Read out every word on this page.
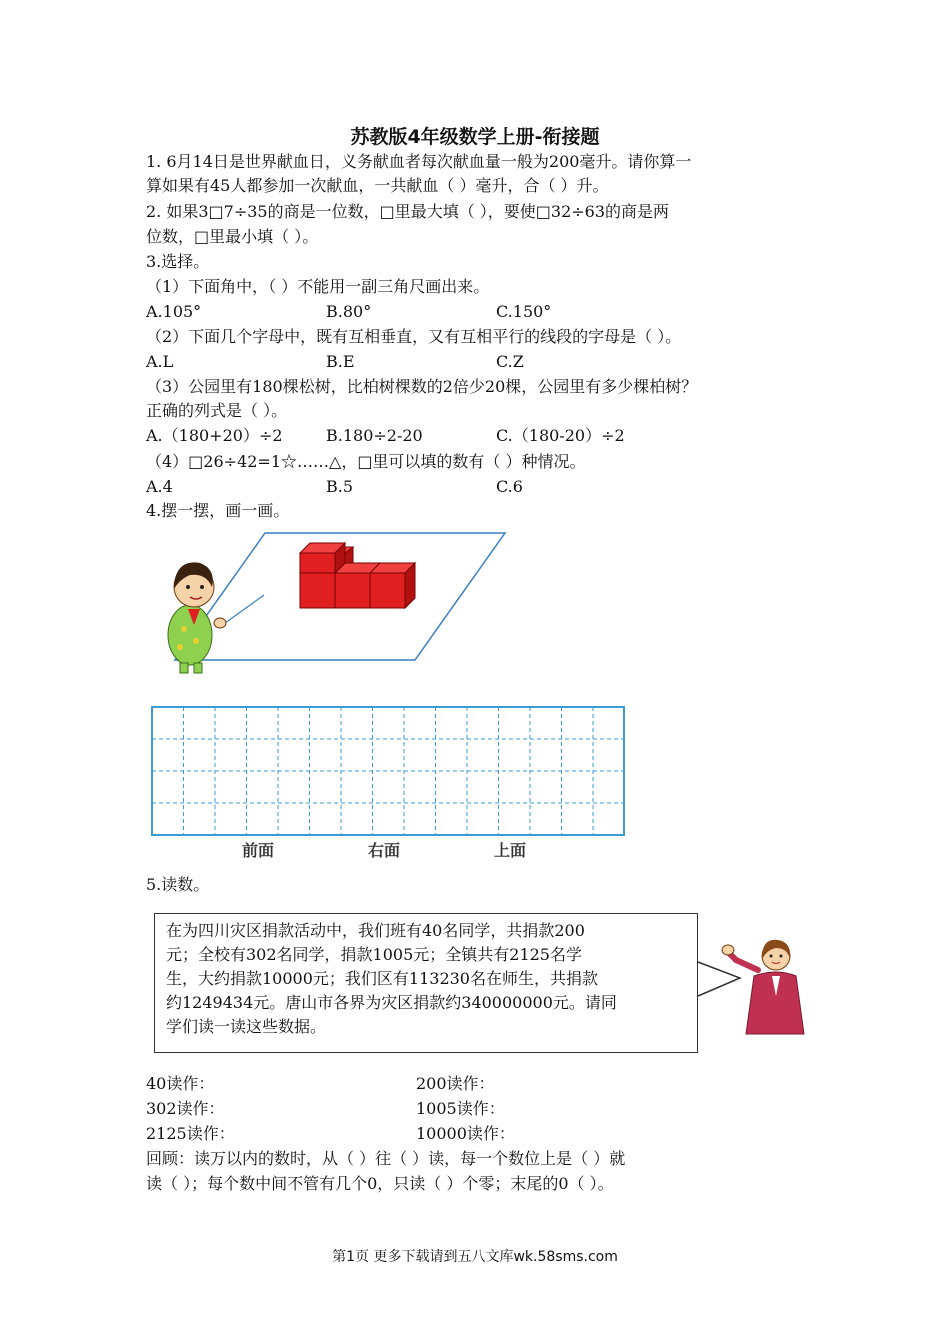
苏教版4年级数学上册-衔接题
1. 6月14日是世界献血日，义务献血者每次献血量一般为200毫升。请你算一
算如果有45人都参加一次献血，一共献血（ ）毫升，合（ ）升。
2. 如果3□7÷35的商是一位数，□里最大填（ ），要使□32÷63的商是两
位数，□里最小填（ ）。
3.选择。
（1）下面角中，（ ）不能用一副三角尺画出来。
A.105°	B.80°	C.150°
（2）下面几个字母中，既有互相垂直，又有互相平行的线段的字母是（ ）。
A.L	B.E	C.Z
（3）公园里有180棵松树，比柏树棵数的2倍少20棵，公园里有多少棵柏树？
正确的列式是（ ）。
A.（180+20）÷2	B.180÷2-20	C.（180-20）÷2
（4）□26÷42=1☆……△，□里可以填的数有（ ）种情况。
A.4	B.5	C.6
4.摆一摆，画一画。
前面	右面	上面
5.读数。
在为四川灾区捐款活动中，我们班有40名同学，共捐款200
元；全校有302名同学，捐款1005元；全镇共有2125名学
生，大约捐款10000元；我们区有113230名在师生，共捐款
约1249434元。唐山市各界为灾区捐款约340000000元。请同
学们读一读这些数据。
40读作：	200读作：
302读作：	1005读作：
2125读作：	10000读作：
回顾：读万以内的数时，从（ ）往（ ）读，每一个数位上是（ ）就
读（ ）；每个数中间不管有几个0，只读（ ）个零；末尾的0（ ）。
第1页 更多下载请到五八文库wk.58sms.com
